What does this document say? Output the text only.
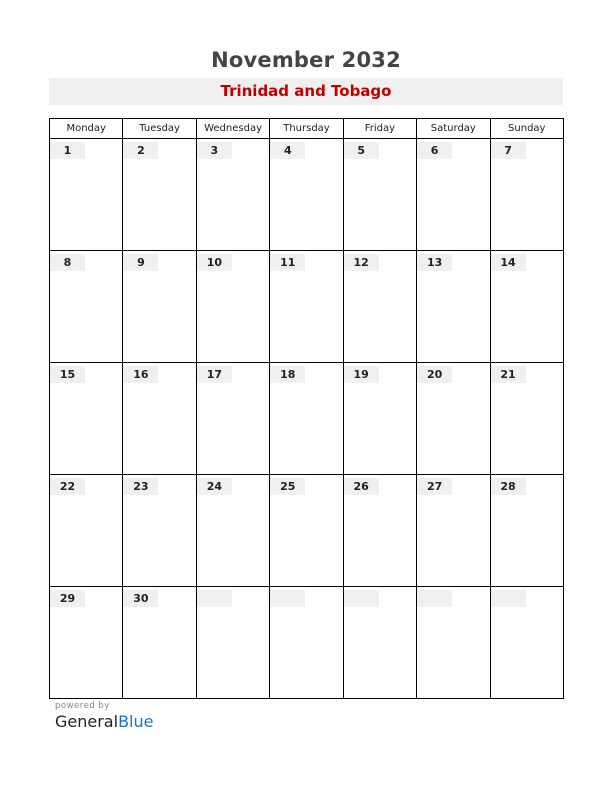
November 2032
Trinidad and Tobago
Monday	Tuesday	Wednesday	Thursday	Friday	Saturday	Sunday

1	2	3	4	5	6	7

8	9	10	11	12	13	14

15	16	17	18	19	20	21

22	23	24	25	26	27	28

29	30					

powered by
GeneralBlue
